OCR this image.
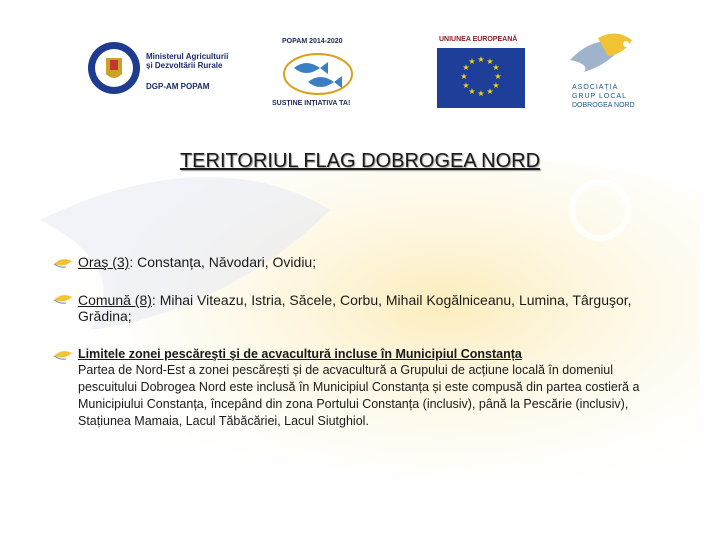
Ministerul Agriculturii
și Dezvoltării Rurale
DGP-AM POPAM
POPAM 2014-2020
SUSȚINE INȚIATIVA TA!
UNIUNEA EUROPEANĂ
★ ★
★
★
★
★
★
★
★
★
★
★
ASOCIAȚIA
GRUP LOCAL
DOBROGEA NORD
TERITORIUL FLAG DOBROGEA NORD
Oraş (3): Constanța, Năvodari, Ovidiu;
Comună (8): Mihai Viteazu, Istria, Săcele, Corbu, Mihail Kogălniceanu, Lumina, Târguşor, Grădina;
Limitele zonei pescăreşti şi de acvacultură incluse în Municipiul Constanța
Partea de Nord-Est a zonei pescărești și de acvacultură a Grupului de acțiune locală în domeniul pescuitului Dobrogea Nord este inclusă în Municipiul Constanța și este compusă din partea costieră a Municipiului Constanța, începând din zona Portului Constanța (inclusiv), până la Pescărie (inclusiv), Stațiunea Mamaia, Lacul Tăbăcăriei, Lacul Siutghiol.
